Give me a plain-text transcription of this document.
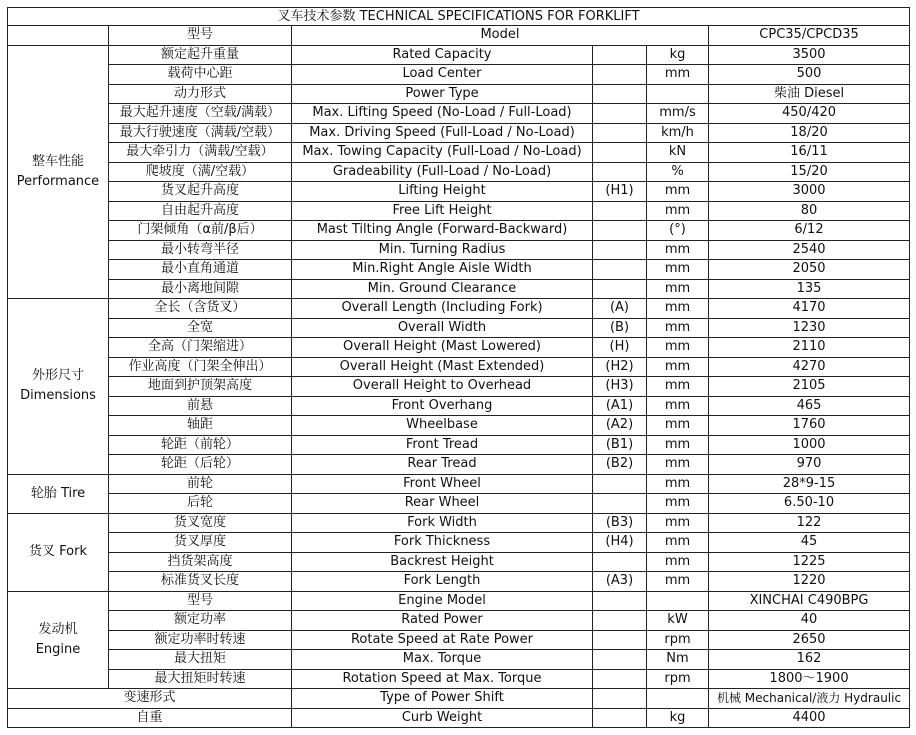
叉车技术参数 TECHNICAL SPECIFICATIONS FOR FORKLIFT					
	型号	Model			CPC35/CPCD35
整车性能
Performance	额定起升重量	Rated Capacity		kg	3500
	载荷中心距	Load Center		mm	500
	动力形式	Power Type			柴油 Diesel
	最大起升速度（空载/满载）	Max. Lifting Speed (No-Load / Full-Load)		mm/s	450/420
	最大行驶速度（满载/空载）	Max. Driving Speed (Full-Load / No-Load)		km/h	18/20
	最大牵引力（满载/空载）	Max. Towing Capacity (Full-Load / No-Load)		kN	16/11
	爬坡度（满/空载）	Gradeability (Full-Load / No-Load)		%	15/20
	货叉起升高度	Lifting Height	(H1)	mm	3000
	自由起升高度	Free Lift Height		mm	80
	门架倾角（α前/β后）	Mast Tilting Angle (Forward-Backward)		(°)	6/12
	最小转弯半径	Min. Turning Radius		mm	2540
	最小直角通道	Min.Right Angle Aisle Width		mm	2050
	最小离地间隙	Min. Ground Clearance		mm	135
外形尺寸
Dimensions	全长（含货叉）	Overall Length (Including Fork)	(A)	mm	4170
	全宽	Overall Width	(B)	mm	1230
	全高（门架缩进）	Overall Height (Mast Lowered)	(H)	mm	2110
	作业高度（门架全伸出）	Overall Height (Mast Extended)	(H2)	mm	4270
	地面到护顶架高度	Overall Height to Overhead	(H3)	mm	2105
	前悬	Front Overhang	(A1)	mm	465
	轴距	Wheelbase	(A2)	mm	1760
	轮距（前轮）	Front Tread	(B1)	mm	1000
	轮距（后轮）	Rear Tread	(B2)	mm	970
轮胎 Tire	前轮	Front Wheel		mm	28*9-15
	后轮	Rear Wheel		mm	6.50-10
货叉 Fork	货叉宽度	Fork Width	(B3)	mm	122
	货叉厚度	Fork Thickness	(H4)	mm	45
	挡货架高度	Backrest Height		mm	1225
	标准货叉长度	Fork Length	(A3)	mm	1220
发动机
Engine	型号	Engine Model			XINCHAI C490BPG
	额定功率	Rated Power		kW	40
	额定功率时转速	Rotate Speed at Rate Power		rpm	2650
	最大扭矩	Max. Torque		Nm	162
	最大扭矩时转速	Rotation Speed at Max. Torque		rpm	1800～1900
变速形式		Type of Power Shift			机械 Mechanical/液力 Hydraulic
自重		Curb Weight		kg	4400
